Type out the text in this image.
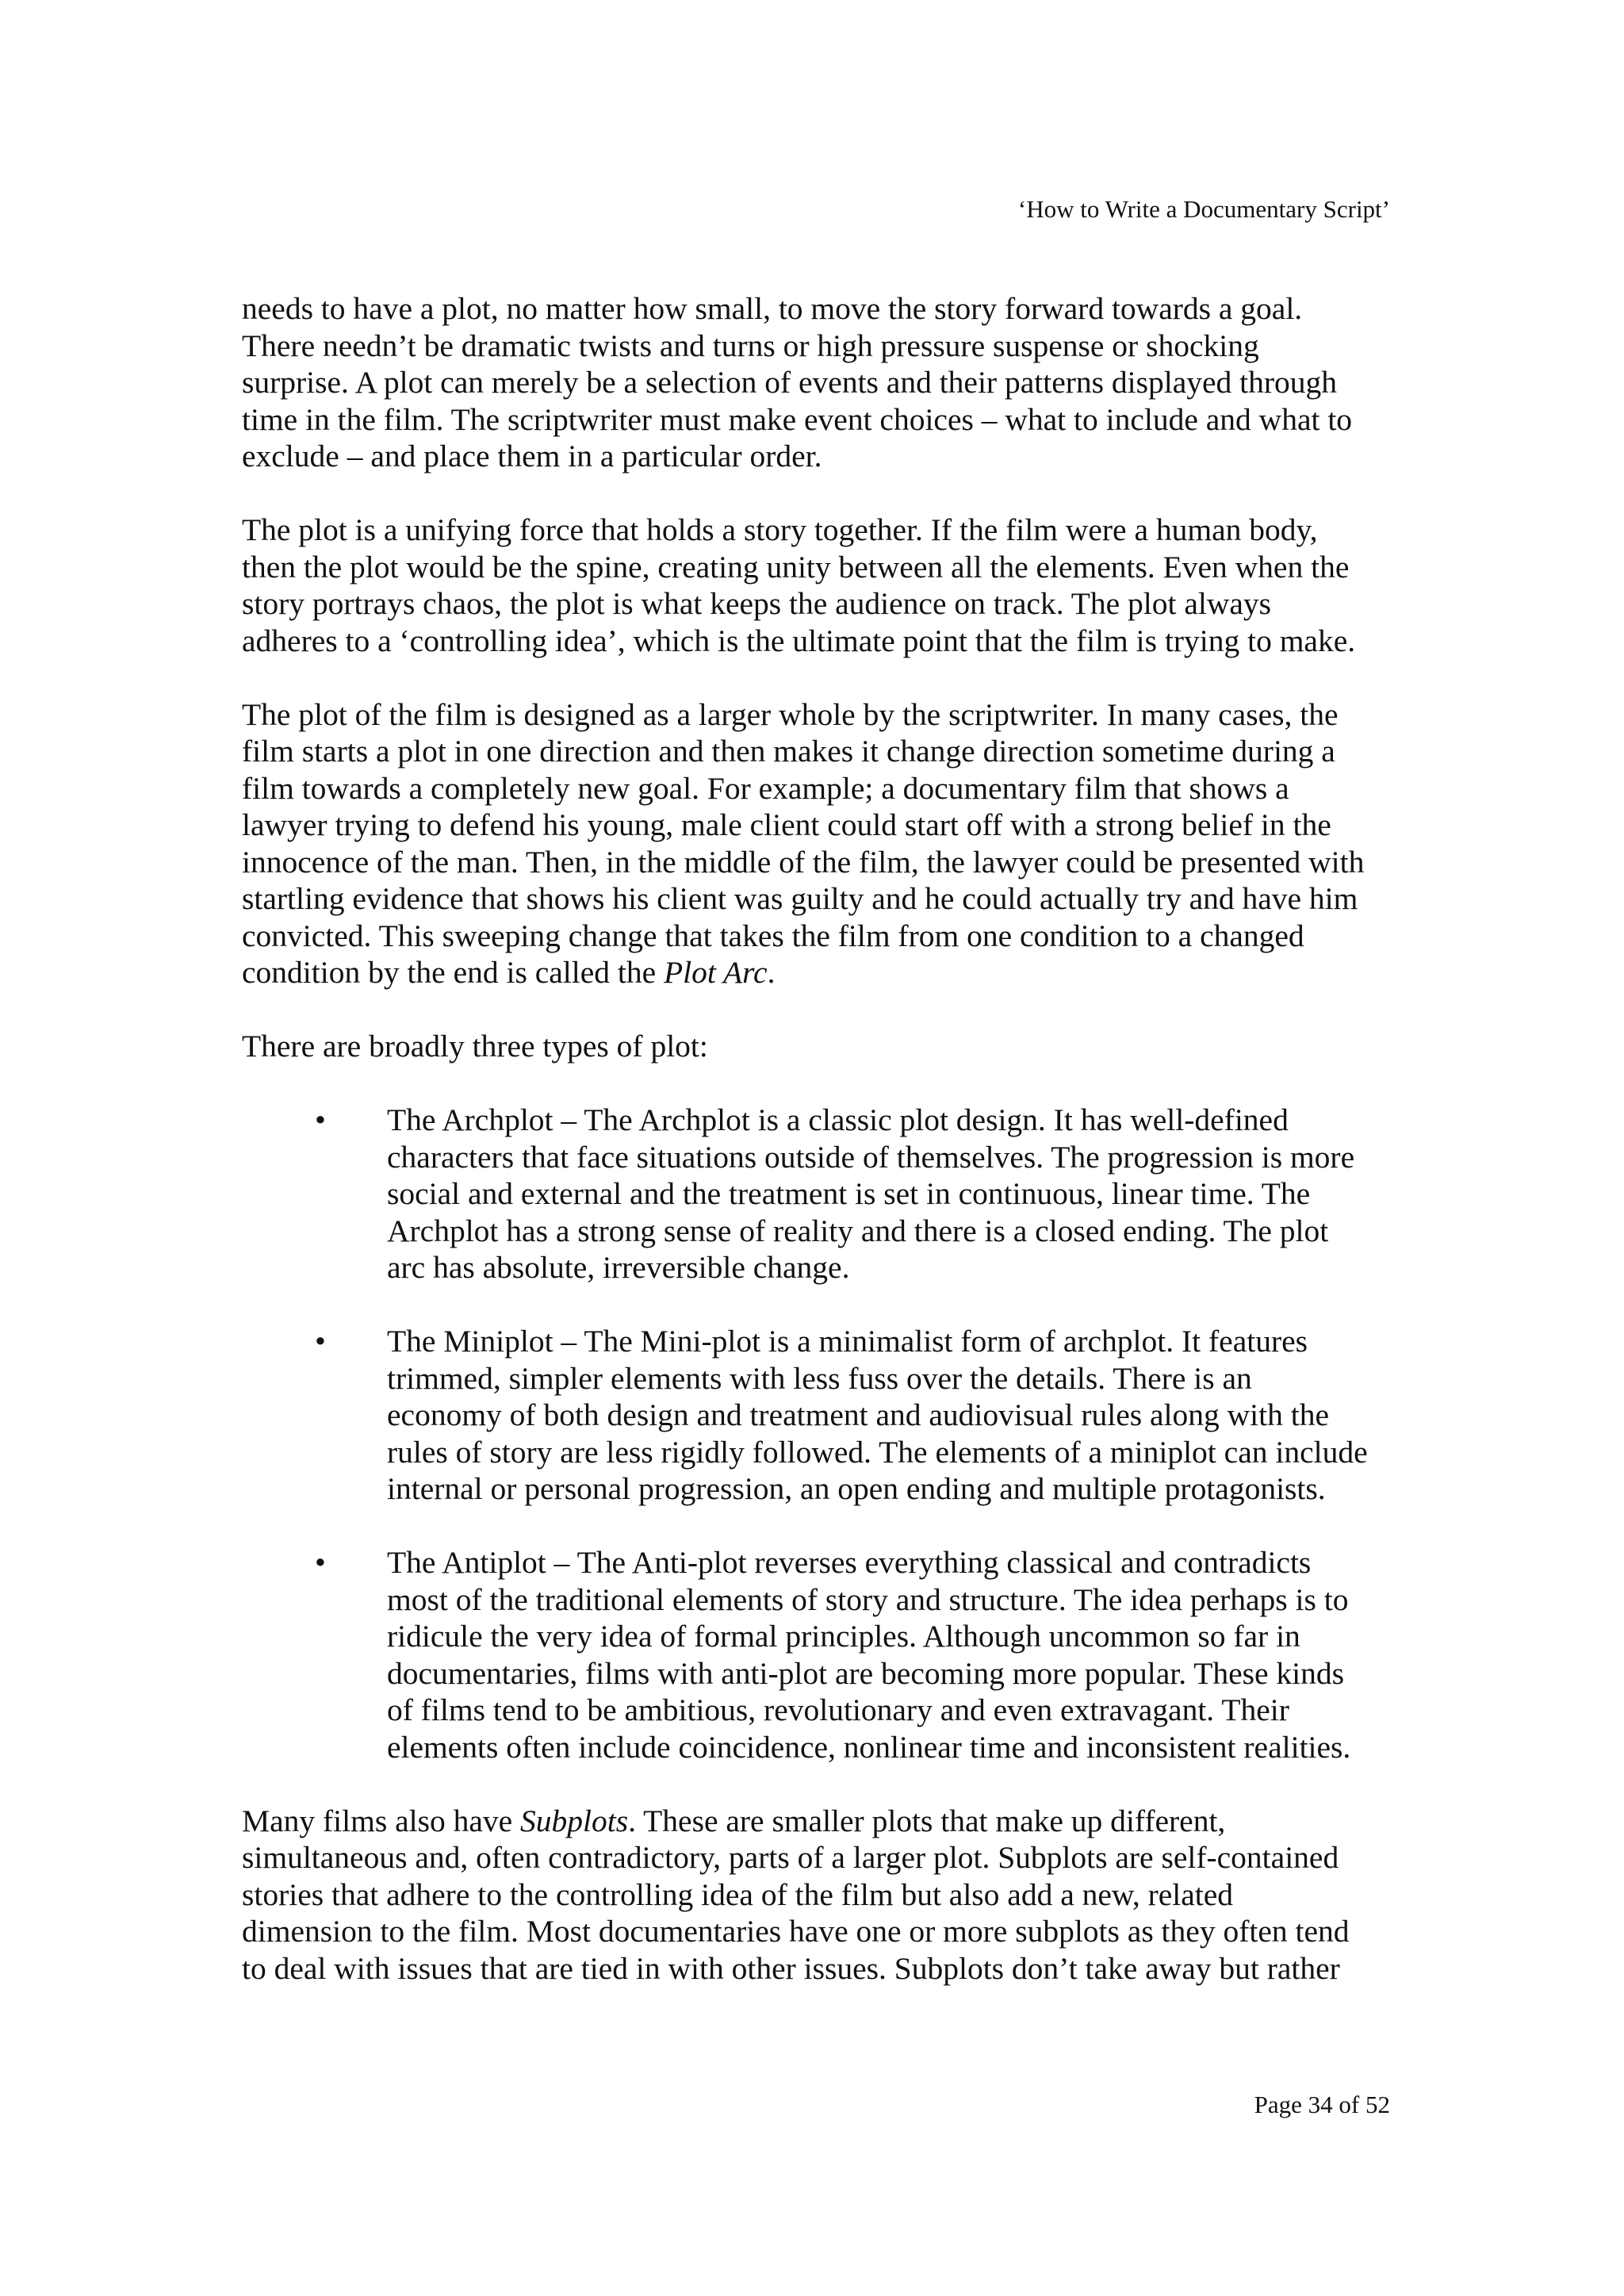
‘How to Write a Documentary Script’
needs to have a plot, no matter how small, to move the story forward towards a goal.
There needn’t be dramatic twists and turns or high pressure suspense or shocking
surprise. A plot can merely be a selection of events and their patterns displayed through
time in the film. The scriptwriter must make event choices – what to include and what to
exclude – and place them in a particular order.
The plot is a unifying force that holds a story together. If the film were a human body,
then the plot would be the spine, creating unity between all the elements. Even when the
story portrays chaos, the plot is what keeps the audience on track. The plot always
adheres to a ‘controlling idea’, which is the ultimate point that the film is trying to make.
The plot of the film is designed as a larger whole by the scriptwriter. In many cases, the
film starts a plot in one direction and then makes it change direction sometime during a
film towards a completely new goal. For example; a documentary film that shows a
lawyer trying to defend his young, male client could start off with a strong belief in the
innocence of the man. Then, in the middle of the film, the lawyer could be presented with
startling evidence that shows his client was guilty and he could actually try and have him
convicted. This sweeping change that takes the film from one condition to a changed
condition by the end is called the Plot Arc.
There are broadly three types of plot:
• The Archplot – The Archplot is a classic plot design. It has well-defined
characters that face situations outside of themselves. The progression is more
social and external and the treatment is set in continuous, linear time. The
Archplot has a strong sense of reality and there is a closed ending. The plot
arc has absolute, irreversible change.
• The Miniplot – The Mini-plot is a minimalist form of archplot. It features
trimmed, simpler elements with less fuss over the details. There is an
economy of both design and treatment and audiovisual rules along with the
rules of story are less rigidly followed. The elements of a miniplot can include
internal or personal progression, an open ending and multiple protagonists.
• The Antiplot – The Anti-plot reverses everything classical and contradicts
most of the traditional elements of story and structure. The idea perhaps is to
ridicule the very idea of formal principles. Although uncommon so far in
documentaries, films with anti-plot are becoming more popular. These kinds
of films tend to be ambitious, revolutionary and even extravagant. Their
elements often include coincidence, nonlinear time and inconsistent realities.
Many films also have Subplots. These are smaller plots that make up different,
simultaneous and, often contradictory, parts of a larger plot. Subplots are self-contained
stories that adhere to the controlling idea of the film but also add a new, related
dimension to the film. Most documentaries have one or more subplots as they often tend
to deal with issues that are tied in with other issues. Subplots don’t take away but rather
Page 34 of 52
